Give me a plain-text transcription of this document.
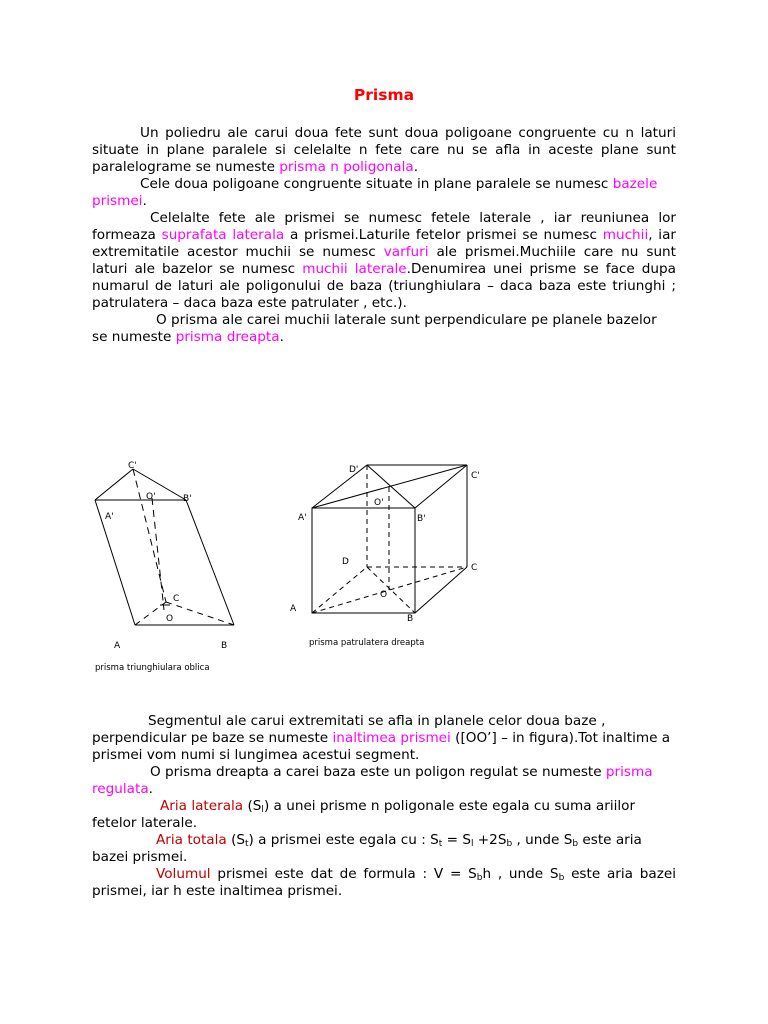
Prisma

Un poliedru ale carui doua fete sunt doua poligoane congruente cu n laturi situate in plane paralele si celelalte n fete care nu se afla in aceste plane sunt paralelograme se numeste prisma n poligonala.

Cele doua poligoane congruente situate in plane paralele se numesc bazele prismei.

Celelalte fete ale prismei se numesc fetele laterale , iar reuniunea lor formeaza suprafata laterala a prismei.Laturile fetelor prismei se numesc muchii, iar extremitatile acestor muchii se numesc varfuri ale prismei.Muchiile care nu sunt laturi ale bazelor se numesc muchii laterale.Denumirea unei prisme se face dupa numarul de laturi ale poligonului de baza (triunghiulara – daca baza este triunghi ; patrulatera – daca baza este patrulater , etc.).

O prisma ale carei muchii laterale sunt perpendiculare pe planele bazelor se numeste prisma dreapta.

C'
O'	B'
A'
C
O
A	B
prisma triunghiulara oblica
D'
C'
O'
A'	B'
D
C
A
O
B
prisma patrulatera dreapta

Segmentul ale carui extremitati se afla in planele celor doua baze , perpendicular pe baze se numeste inaltimea prismei ([OO’] – in figura).Tot inaltime a prismei vom numi si lungimea acestui segment.

O prisma dreapta a carei baza este un poligon regulat se numeste prisma regulata.

Aria laterala $(S_l)$ a unei prisme n poligonale este egala cu suma ariilor fetelor laterale.

Aria totala $(S_t)$ a prismei este egala cu : $S_t = S_l +2S_b$ , unde $S_b$ este aria bazei prismei.

Volumul prismei este dat de formula : $V = S_bh$ , unde $S_b$ este aria bazei prismei, iar h este inaltimea prismei.
